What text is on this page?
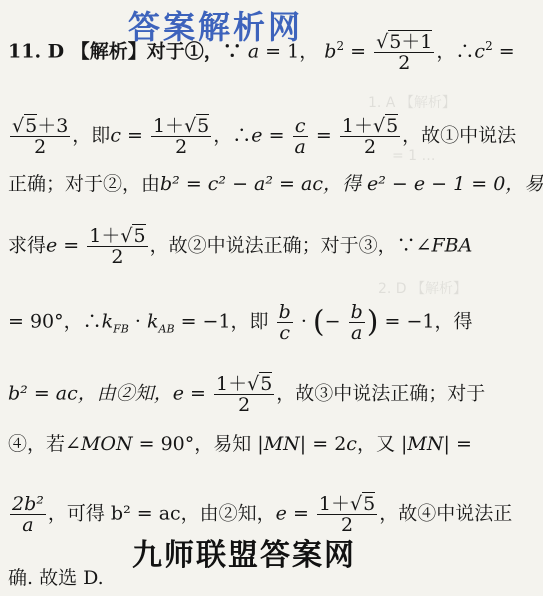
1. A 【解析】
= 1 …
2. D 【解析】
答案解析网
11. D 【解析】对于①，∵ a = 1， $b^2 = \frac{√5+1}{2}$ ，$\therefore c^2$ =
$\frac{√5+3}{2}$ ，即$c = \frac{1+√5}{2}$ ，∴e = $\frac{c}{a} = \frac{1+√5}{2}$ ，故①中说法
正确；对于②，由b² = c² − a² = ac，得 e² − e − 1 = 0，易
求得$e = \frac{1+√5}{2}$ ，故②中说法正确；对于③，∵∠FBA
= 90°，$\therefore k_{FB} \cdot k_{AB} = -1$，即 $\frac{b}{c}$ · (− $\frac{b}{a}$ ) = −1，得
b² = ac，由②知，$e = \frac{1+√5}{2}$ ，故③中说法正确；对于
④，若∠MON = 90°，易知 |MN| = 2c，又 |MN| =
$\frac{\text{2b²}}{a}$ ，可得 b² = ac，由②知，$e = \frac{1+√5}{2}$ ，故④中说法正
九师联盟答案网
确. 故选 D.
